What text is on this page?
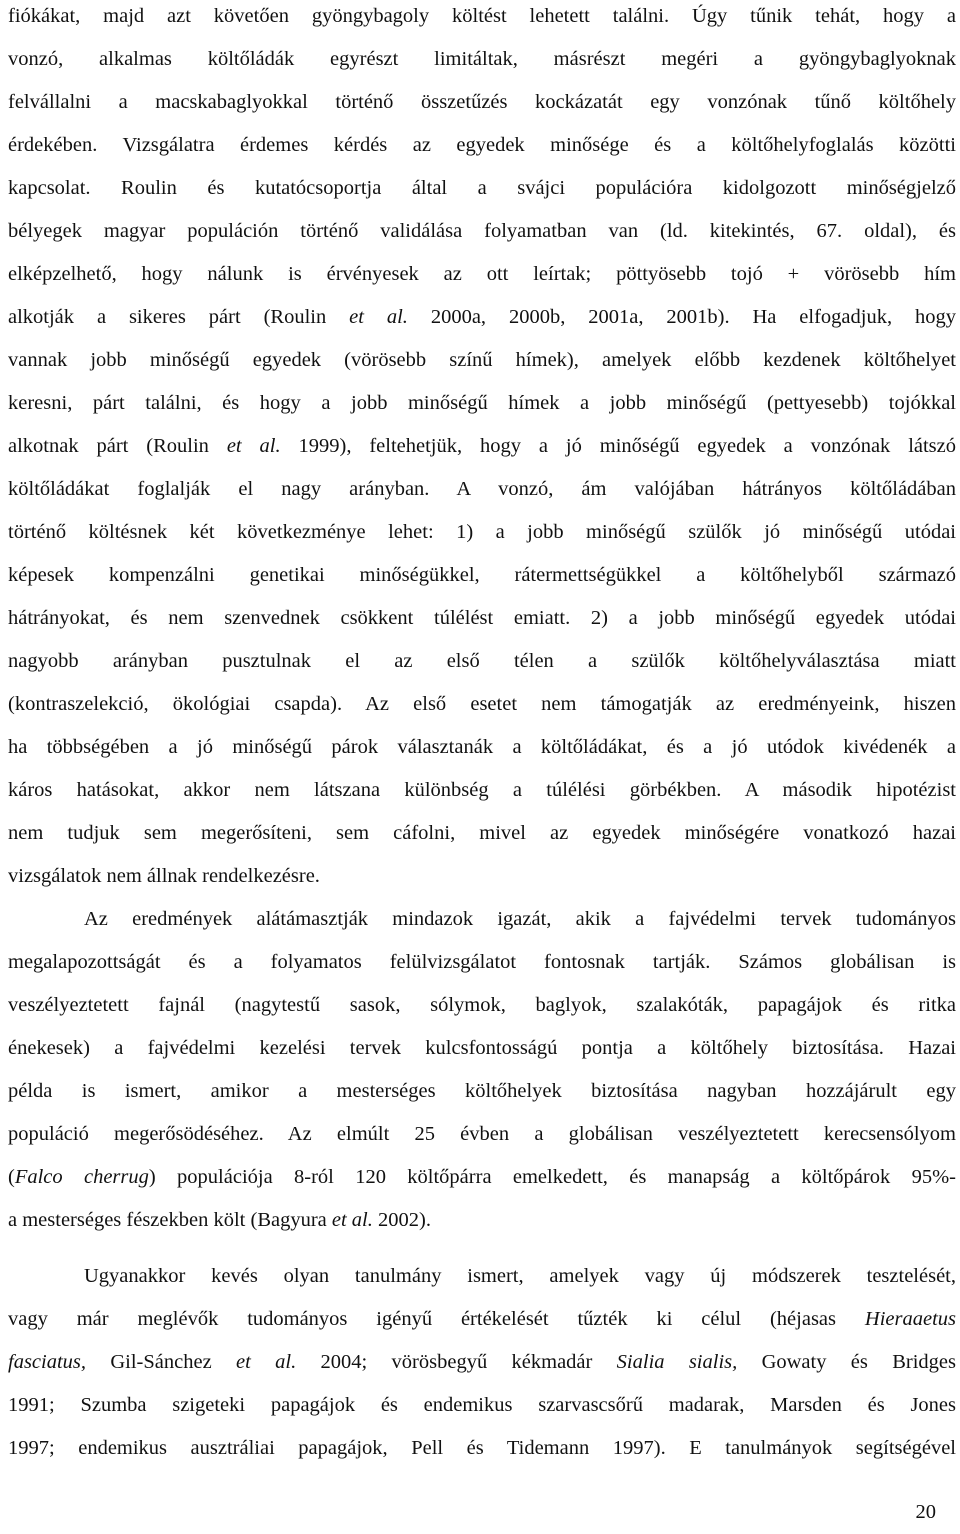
fiókákat, majd azt követően gyöngybagoly költést lehetett találni. Úgy tűnik tehát, hogy a
vonzó, alkalmas költőládák egyrészt limitáltak, másrészt megéri a gyöngybaglyoknak
felvállalni a macskabaglyokkal történő összetűzés kockázatát egy vonzónak tűnő költőhely
érdekében. Vizsgálatra érdemes kérdés az egyedek minősége és a költőhelyfoglalás közötti
kapcsolat. Roulin és kutatócsoportja által a svájci populációra kidolgozott minőségjelző
bélyegek magyar populáción történő validálása folyamatban van (ld. kitekintés, 67. oldal), és
elképzelhető, hogy nálunk is érvényesek az ott leírtak; pöttyösebb tojó + vörösebb hím
alkotják a sikeres párt (Roulin et al. 2000a, 2000b, 2001a, 2001b). Ha elfogadjuk, hogy
vannak jobb minőségű egyedek (vörösebb színű hímek), amelyek előbb kezdenek költőhelyet
keresni, párt találni, és hogy a jobb minőségű hímek a jobb minőségű (pettyesebb) tojókkal
alkotnak párt (Roulin et al. 1999), feltehetjük, hogy a jó minőségű egyedek a vonzónak látszó
költőládákat foglalják el nagy arányban. A vonzó, ám valójában hátrányos költőládában
történő költésnek két következménye lehet: 1) a jobb minőségű szülők jó minőségű utódai
képesek kompenzálni genetikai minőségükkel, rátermettségükkel a költőhelyből származó
hátrányokat, és nem szenvednek csökkent túlélést emiatt. 2) a jobb minőségű egyedek utódai
nagyobb arányban pusztulnak el az első télen a szülők költőhelyválasztása miatt
(kontraszelekció, ökológiai csapda). Az első esetet nem támogatják az eredményeink, hiszen
ha többségében a jó minőségű párok választanák a költőládákat, és a jó utódok kivédenék a
káros hatásokat, akkor nem látszana különbség a túlélési görbékben. A második hipotézist
nem tudjuk sem megerősíteni, sem cáfolni, mivel az egyedek minőségére vonatkozó hazai
vizsgálatok nem állnak rendelkezésre.
Az eredmények alátámasztják mindazok igazát, akik a fajvédelmi tervek tudományos
megalapozottságát és a folyamatos felülvizsgálatot fontosnak tartják. Számos globálisan is
veszélyeztetett fajnál (nagytestű sasok, sólymok, baglyok, szalakóták, papagájok és ritka
énekesek) a fajvédelmi kezelési tervek kulcsfontosságú pontja a költőhely biztosítása. Hazai
példa is ismert, amikor a mesterséges költőhelyek biztosítása nagyban hozzájárult egy
populáció megerősödéséhez. Az elmúlt 25 évben a globálisan veszélyeztetett kerecsensólyom
(Falco cherrug) populációja 8-ról 120 költőpárra emelkedett, és manapság a költőpárok 95%-
a mesterséges fészekben költ (Bagyura et al. 2002).
Ugyanakkor kevés olyan tanulmány ismert, amelyek vagy új módszerek tesztelését,
vagy már meglévők tudományos igényű értékelését tűzték ki célul (héjasas Hieraaetus
fasciatus, Gil-Sánchez et al. 2004; vörösbegyű kékmadár Sialia sialis, Gowaty és Bridges
1991; Szumba szigeteki papagájok és endemikus szarvascsőrű madarak, Marsden és Jones
1997; endemikus ausztráliai papagájok, Pell és Tidemann 1997). E tanulmányok segítségével
20
